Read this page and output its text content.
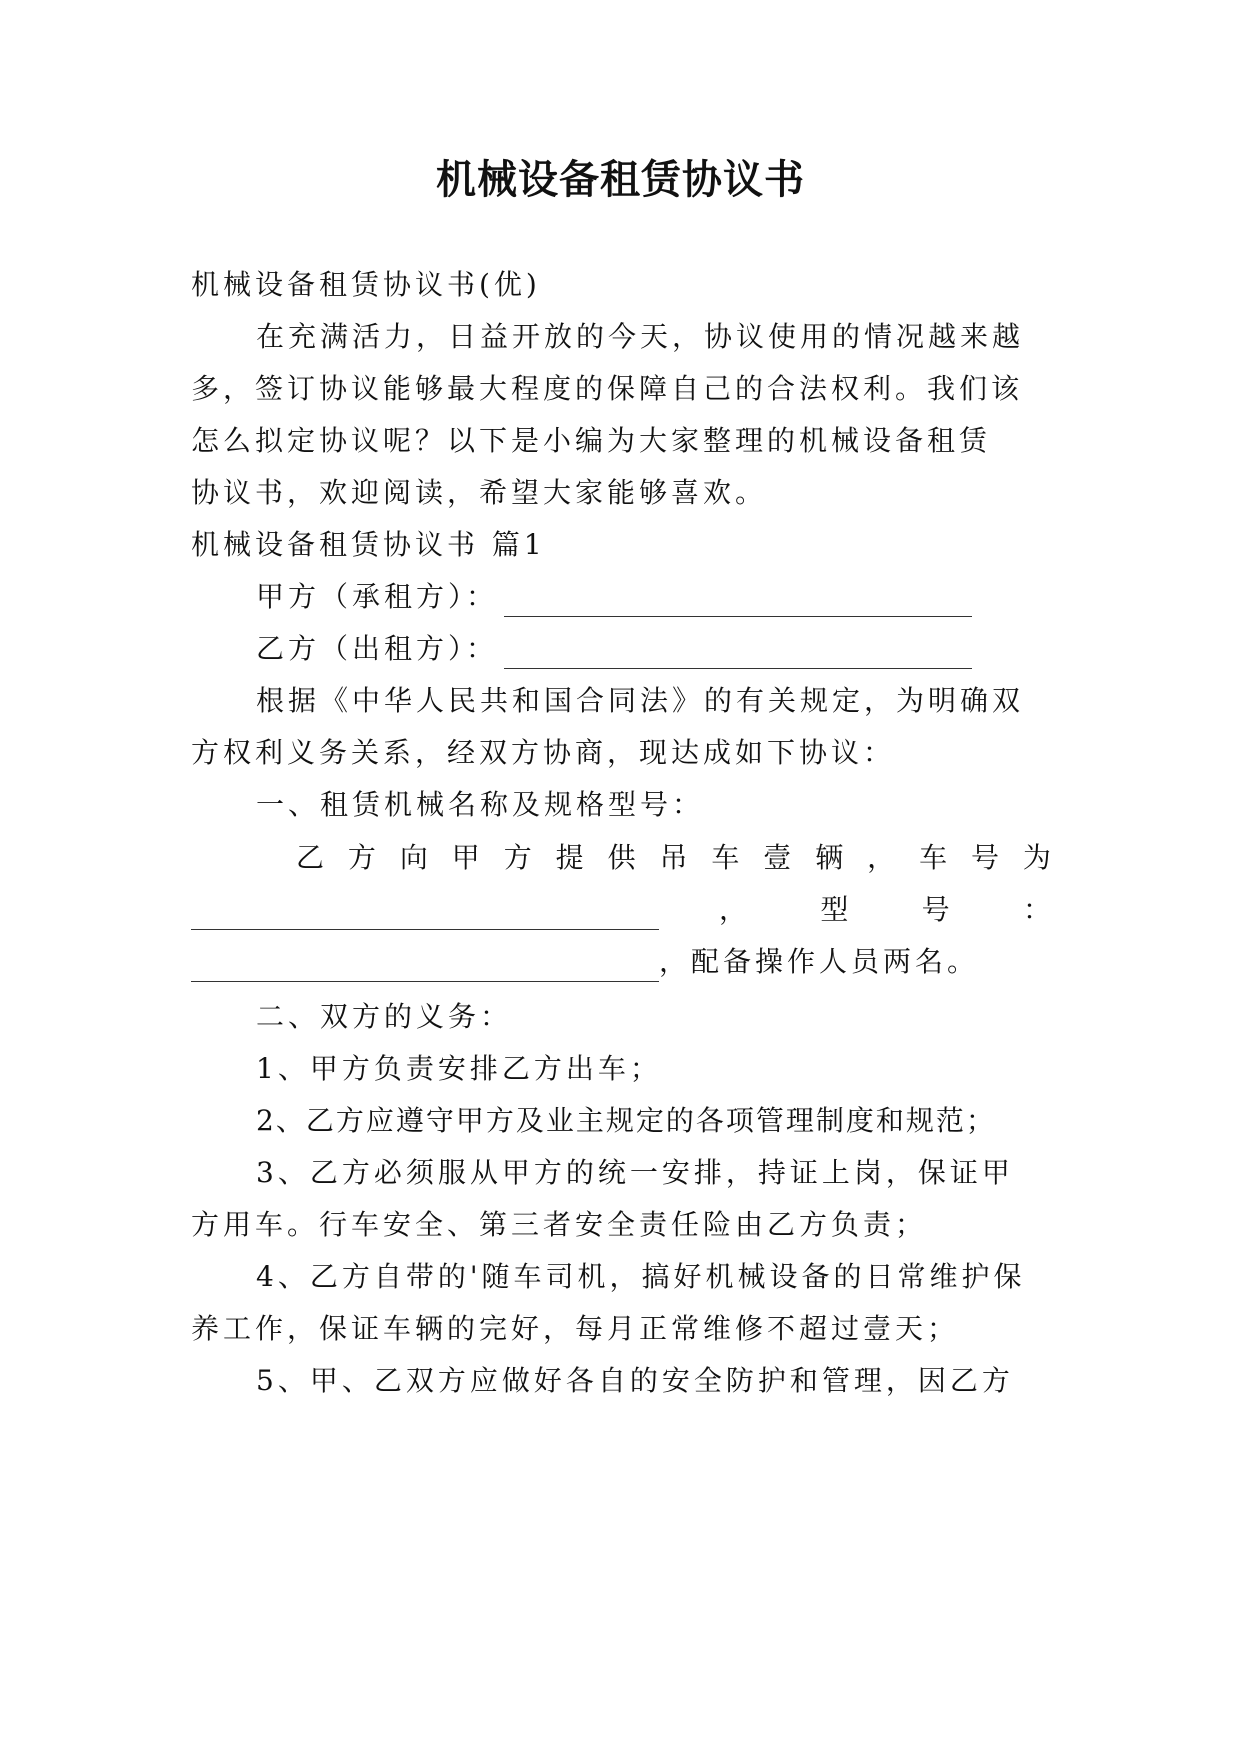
机械设备租赁协议书
机械设备租赁协议书(优)
在充满活力，日益开放的今天，协议使用的情况越来越
多，签订协议能够最大程度的保障自己的合法权利。我们该
怎么拟定协议呢？以下是小编为大家整理的机械设备租赁
协议书，欢迎阅读，希望大家能够喜欢。
机械设备租赁协议书 篇1
甲方（承租方）：
乙方（出租方）：
根据《中华人民共和国合同法》的有关规定，为明确双
方权利义务关系，经双方协商，现达成如下协议：
一、租赁机械名称及规格型号：
乙 方 向 甲 方 提 供 吊 车 壹 辆 ， 车 号 为
，	型	号	：
，配备操作人员两名。
二、双方的义务：
1、甲方负责安排乙方出车；
2、乙方应遵守甲方及业主规定的各项管理制度和规范；
3、乙方必须服从甲方的统一安排，持证上岗，保证甲
方用车。行车安全、第三者安全责任险由乙方负责；
4、乙方自带的'随车司机，搞好机械设备的日常维护保
养工作，保证车辆的完好，每月正常维修不超过壹天；
5、甲、乙双方应做好各自的安全防护和管理，因乙方
